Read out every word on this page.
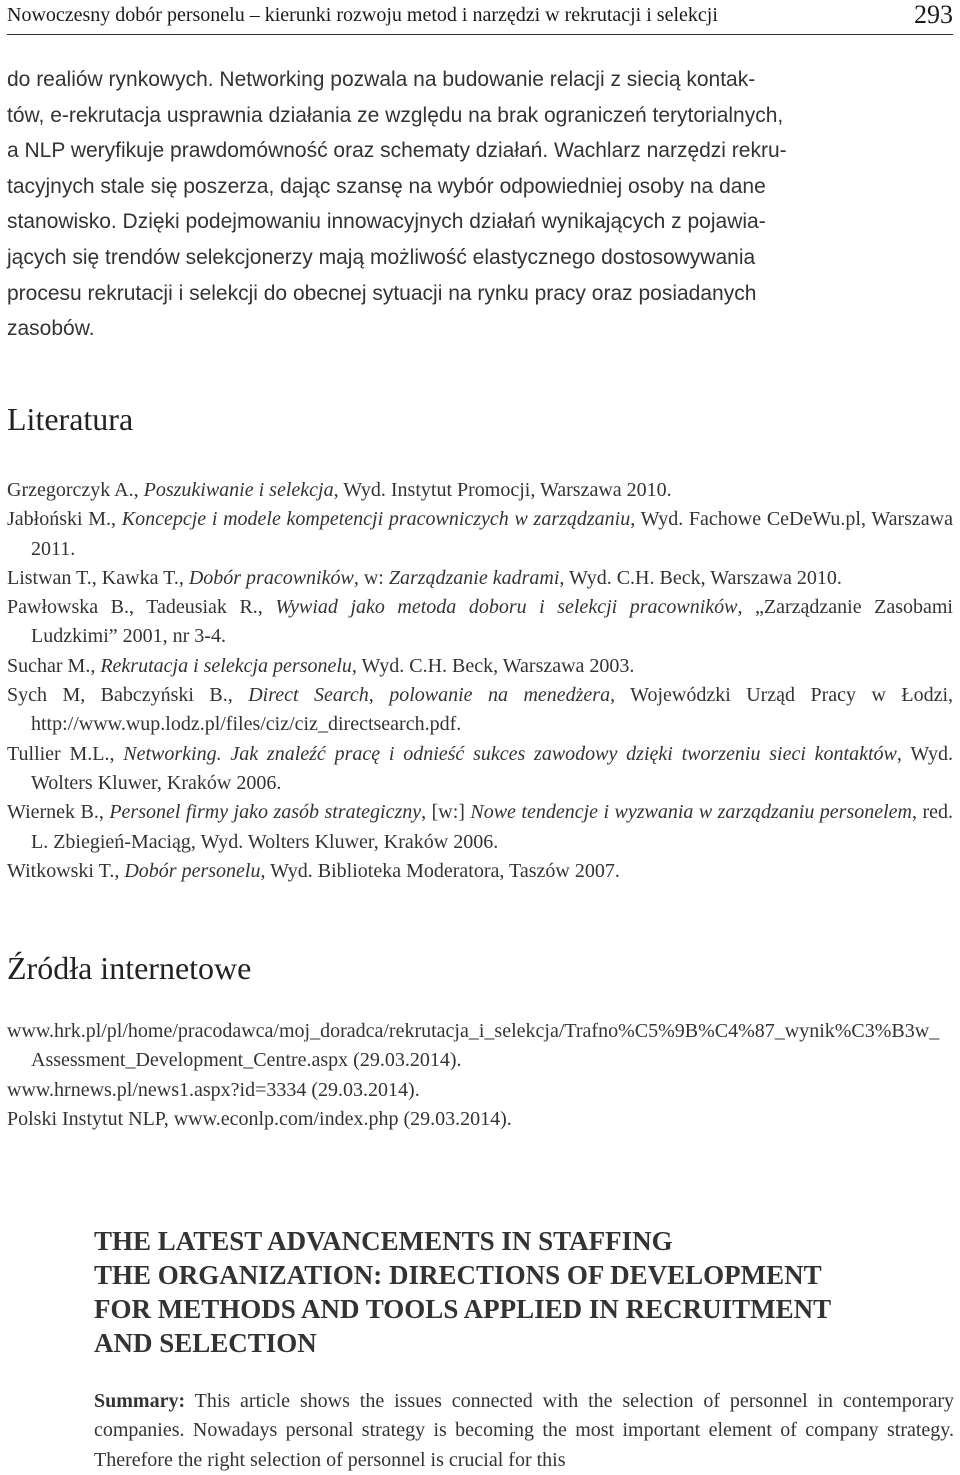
Nowoczesny dobór personelu – kierunki rozwoju metod i narzędzi w rekrutacji i selekcji	293

do realiów rynkowych. Networking pozwala na budowanie relacji z siecią kontak-
tów, e-rekrutacja usprawnia działania ze względu na brak ograniczeń terytorialnych,
a NLP weryfikuje prawdomówność oraz schematy działań. Wachlarz narzędzi rekru-
tacyjnych stale się poszerza, dając szansę na wybór odpowiedniej osoby na dane
stanowisko. Dzięki podejmowaniu innowacyjnych działań wynikających z pojawia-
jących się trendów selekcjonerzy mają możliwość elastycznego dostosowywania
procesu rekrutacji i selekcji do obecnej sytuacji na rynku pracy oraz posiadanych
zasobów.

Literatura
Grzegorczyk A., Poszukiwanie i selekcja, Wyd. Instytut Promocji, Warszawa 2010.
Jabłoński M., Koncepcje i modele kompetencji pracowniczych w zarządzaniu, Wyd. Fachowe CeDeWu.pl, Warszawa 2011.
Listwan T., Kawka T., Dobór pracowników, w: Zarządzanie kadrami, Wyd. C.H. Beck, Warszawa 2010.
Pawłowska B., Tadeusiak R., Wywiad jako metoda doboru i selekcji pracowników, „Zarządzanie Zasobami Ludzkimi” 2001, nr 3-4.
Suchar M., Rekrutacja i selekcja personelu, Wyd. C.H. Beck, Warszawa 2003.
Sych M, Babczyński B., Direct Search, polowanie na menedżera, Wojewódzki Urząd Pracy w Łodzi, http://www.wup.lodz.pl/files/ciz/ciz_directsearch.pdf.
Tullier M.L., Networking. Jak znaleźć pracę i odnieść sukces zawodowy dzięki tworzeniu sieci kontaktów, Wyd. Wolters Kluwer, Kraków 2006.
Wiernek B., Personel firmy jako zasób strategiczny, [w:] Nowe tendencje i wyzwania w zarządzaniu personelem, red. L. Zbiegień-Maciąg, Wyd. Wolters Kluwer, Kraków 2006.
Witkowski T., Dobór personelu, Wyd. Biblioteka Moderatora, Taszów 2007.
Źródła internetowe
www.hrk.pl/pl/home/pracodawca/moj_doradca/rekrutacja_i_selekcja/Trafno%C5%9B%C4%87_wynik%C3%B3w_Assessment_Development_Centre.aspx (29.03.2014).
www.hrnews.pl/news1.aspx?id=3334 (29.03.2014).
Polski Instytut NLP, www.econlp.com/index.php (29.03.2014).
THE LATEST ADVANCEMENTS IN STAFFING
THE ORGANIZATION: DIRECTIONS OF DEVELOPMENT
FOR METHODS AND TOOLS APPLIED IN RECRUITMENT
AND SELECTION

Summary: This article shows the issues connected with the selection of personnel in contemporary companies. Nowadays personal strategy is becoming the most important element of company strategy. Therefore the right selection of personnel is crucial for this
